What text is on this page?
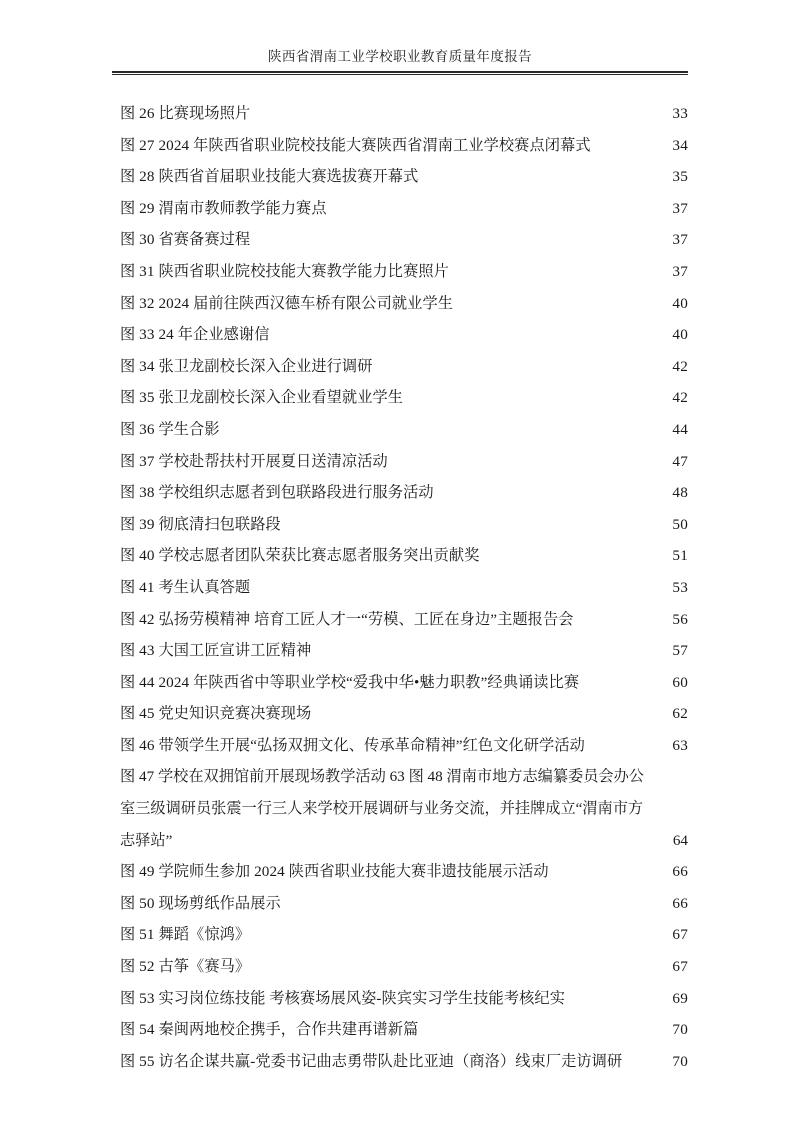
陕西省渭南工业学校职业教育质量年度报告
图 26 比赛现场照片 -----	33
图 27 2024 年陕西省职业院校技能大赛陕西省渭南工业学校赛点闭幕式 -----	34
图 28 陕西省首届职业技能大赛选拔赛开幕式 -----	35
图 29 渭南市教师教学能力赛点 -----	37
图 30 省赛备赛过程 -----	37
图 31 陕西省职业院校技能大赛教学能力比赛照片 -----	37
图 32 2024 届前往陕西汉德车桥有限公司就业学生 -----	40
图 33 24 年企业感谢信 -----	40
图 34 张卫龙副校长深入企业进行调研 -----	42
图 35 张卫龙副校长深入企业看望就业学生 -----	42
图 36 学生合影 -----	44
图 37 学校赴帮扶村开展夏日送清凉活动 -----	47
图 38 学校组织志愿者到包联路段进行服务活动 -----	48
图 39 彻底清扫包联路段 -----	50
图 40 学校志愿者团队荣获比赛志愿者服务突出贡献奖 -----	51
图 41 考生认真答题 -----	53
图 42 弘扬劳模精神 培育工匠人才一“劳模、工匠在身边”主题报告会 -----	56
图 43 大国工匠宣讲工匠精神 -----	57
图 44 2024 年陕西省中等职业学校“爱我中华•魅力职教”经典诵读比赛 -----	60
图 45 党史知识竞赛决赛现场 -----	62
图 46 带领学生开展“弘扬双拥文化、传承革命精神”红色文化研学活动 -----	63
图 47 学校在双拥馆前开展现场教学活动 63 图 48 渭南市地方志编纂委员会办公
室三级调研员张震一行三人来学校开展调研与业务交流，并挂牌成立“渭南市方
志驿站” -----	64
图 49 学院师生参加 2024 陕西省职业技能大赛非遗技能展示活动 -----	66
图 50 现场剪纸作品展示 -----	66
图 51 舞蹈《惊鸿》 -----	67
图 52 古筝《赛马》 -----	67
图 53 实习岗位练技能 考核赛场展风姿-陕宾实习学生技能考核纪实 -----	69
图 54 秦闽两地校企携手，合作共建再谱新篇 -----	70
图 55 访名企谋共赢-党委书记曲志勇带队赴比亚迪（商洛）线束厂走访调研 -----	70
